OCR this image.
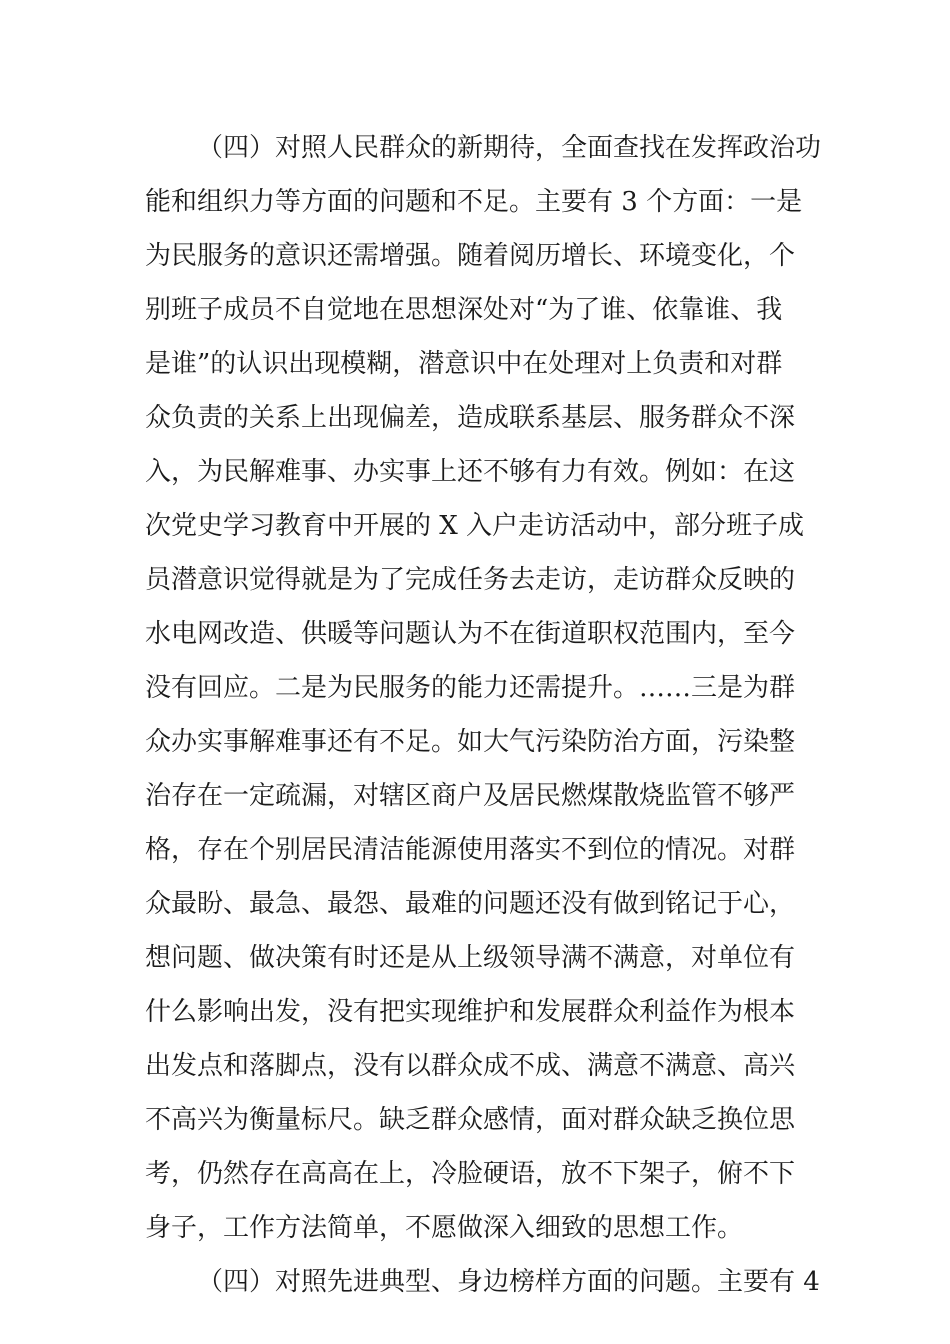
（四）对照人民群众的新期待，全面查找在发挥政治功
能和组织力等方面的问题和不足。主要有 3 个方面：一是
为民服务的意识还需增强。随着阅历增长、环境变化，个
别班子成员不自觉地在思想深处对“为了谁、依靠谁、我
是谁”的认识出现模糊，潜意识中在处理对上负责和对群
众负责的关系上出现偏差，造成联系基层、服务群众不深
入，为民解难事、办实事上还不够有力有效。例如：在这
次党史学习教育中开展的 X 入户走访活动中，部分班子成
员潜意识觉得就是为了完成任务去走访，走访群众反映的
水电网改造、供暖等问题认为不在街道职权范围内，至今
没有回应。二是为民服务的能力还需提升。……三是为群
众办实事解难事还有不足。如大气污染防治方面，污染整
治存在一定疏漏，对辖区商户及居民燃煤散烧监管不够严
格，存在个别居民清洁能源使用落实不到位的情况。对群
众最盼、最急、最怨、最难的问题还没有做到铭记于心，
想问题、做决策有时还是从上级领导满不满意，对单位有
什么影响出发，没有把实现维护和发展群众利益作为根本
出发点和落脚点，没有以群众成不成、满意不满意、高兴
不高兴为衡量标尺。缺乏群众感情，面对群众缺乏换位思
考，仍然存在高高在上，冷脸硬语，放不下架子，俯不下
身子，工作方法简单，不愿做深入细致的思想工作。
（四）对照先进典型、身边榜样方面的问题。主要有 4
